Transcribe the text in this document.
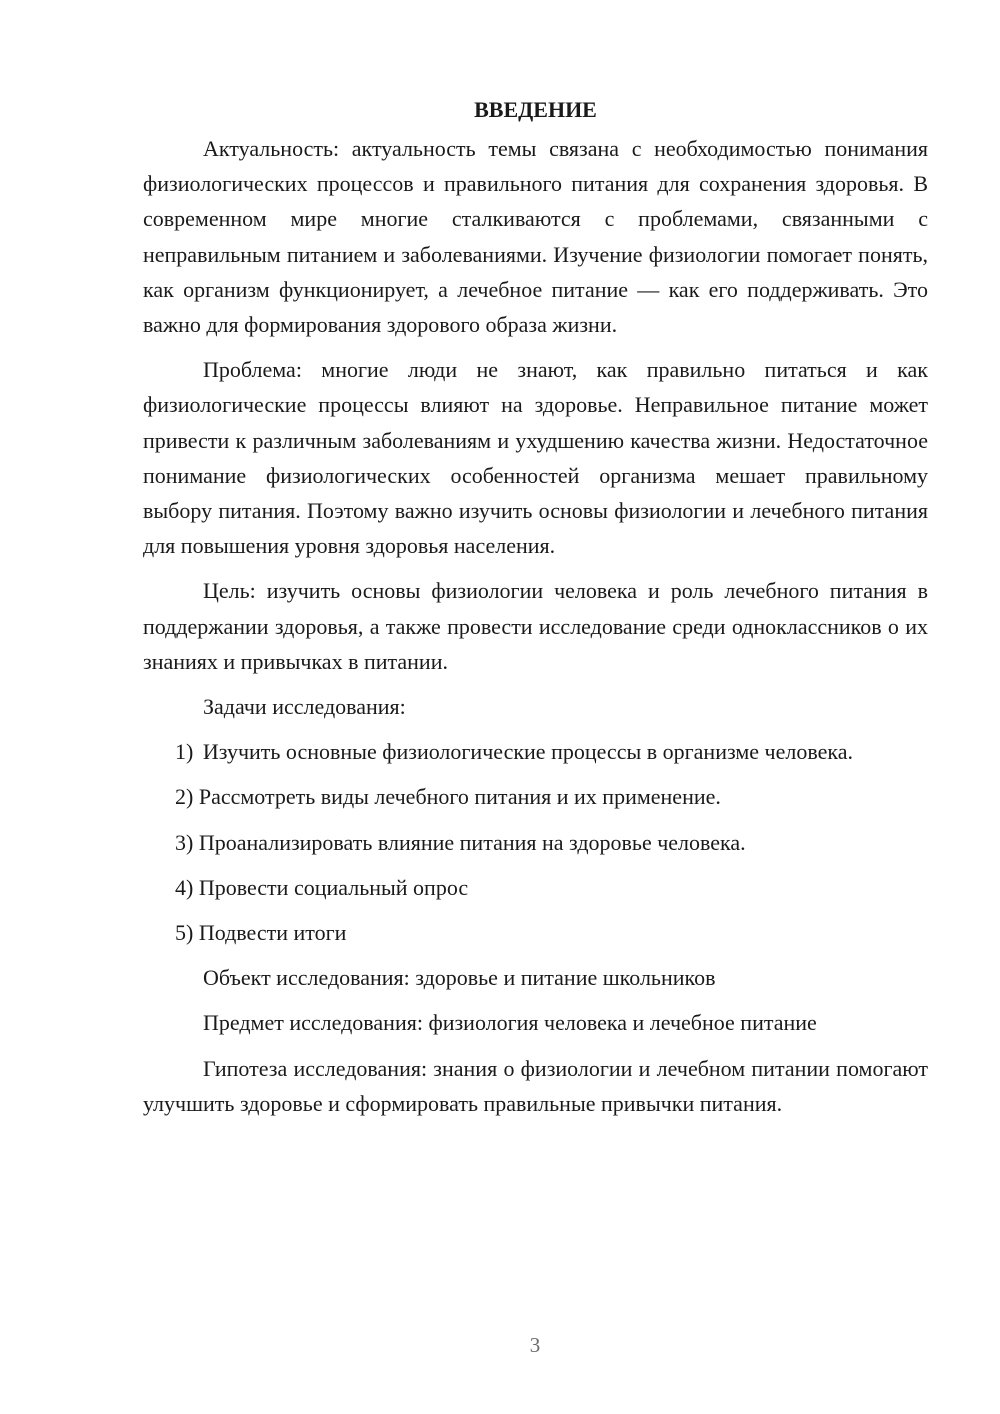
ВВЕДЕНИЕ

Актуальность: актуальность темы связана с необходимостью понимания физиологических процессов и правильного питания для сохранения здоровья. В современном мире многие сталкиваются с проблемами, связанными с неправильным питанием и заболеваниями. Изучение физиологии помогает понять, как организм функционирует, а лечебное питание — как его поддерживать. Это важно для формирования здорового образа жизни.

Проблема: многие люди не знают, как правильно питаться и как физиологические процессы влияют на здоровье. Неправильное питание может привести к различным заболеваниям и ухудшению качества жизни. Недостаточное понимание физиологических особенностей организма мешает правильному выбору питания. Поэтому важно изучить основы физиологии и лечебного питания для повышения уровня здоровья населения.

Цель: изучить основы физиологии человека и роль лечебного питания в поддержании здоровья, а также провести исследование среди одноклассников о их знаниях и привычках в питании.

Задачи исследования:

1) Изучить основные физиологические процессы в организме человека.

2) Рассмотреть виды лечебного питания и их применение.

3) Проанализировать влияние питания на здоровье человека.

4) Провести социальный опрос

5) Подвести итоги

Объект исследования: здоровье и питание школьников

Предмет исследования: физиология человека и лечебное питание

Гипотеза исследования: знания о физиологии и лечебном питании помогают улучшить здоровье и сформировать правильные привычки питания.

3
